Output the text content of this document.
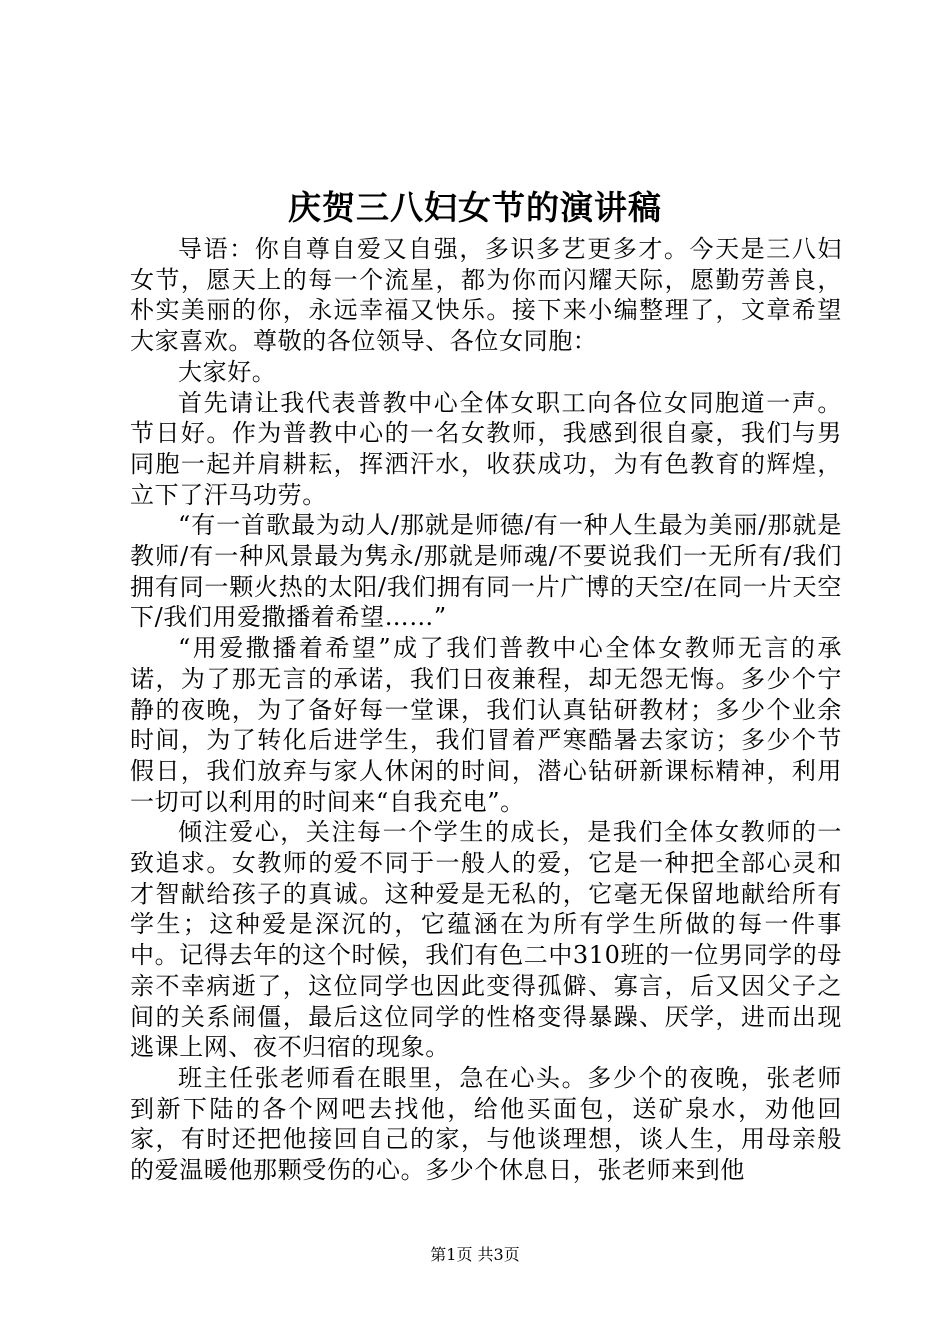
庆贺三八妇女节的演讲稿

导语：你自尊自爱又自强，多识多艺更多才。今天是三八妇女节，愿天上的每一个流星，都为你而闪耀天际，愿勤劳善良，朴实美丽的你，永远幸福又快乐。接下来小编整理了，文章希望大家喜欢。尊敬的各位领导、各位女同胞：

大家好。

首先请让我代表普教中心全体女职工向各位女同胞道一声。节日好。作为普教中心的一名女教师，我感到很自豪，我们与男同胞一起并肩耕耘，挥洒汗水，收获成功，为有色教育的辉煌，立下了汗马功劳。

“有一首歌最为动人/那就是师德/有一种人生最为美丽/那就是教师/有一种风景最为隽永/那就是师魂/不要说我们一无所有/我们拥有同一颗火热的太阳/我们拥有同一片广博的天空/在同一片天空下/我们用爱撒播着希望……”

“用爱撒播着希望”成了我们普教中心全体女教师无言的承诺，为了那无言的承诺，我们日夜兼程，却无怨无悔。多少个宁静的夜晚，为了备好每一堂课，我们认真钻研教材；多少个业余时间，为了转化后进学生，我们冒着严寒酷暑去家访；多少个节假日，我们放弃与家人休闲的时间，潜心钻研新课标精神，利用一切可以利用的时间来“自我充电”。

倾注爱心，关注每一个学生的成长，是我们全体女教师的一致追求。女教师的爱不同于一般人的爱，它是一种把全部心灵和才智献给孩子的真诚。这种爱是无私的，它毫无保留地献给所有学生；这种爱是深沉的，它蕴涵在为所有学生所做的每一件事中。记得去年的这个时候，我们有色二中310班的一位男同学的母亲不幸病逝了，这位同学也因此变得孤僻、寡言，后又因父子之间的关系闹僵，最后这位同学的性格变得暴躁、厌学，进而出现逃课上网、夜不归宿的现象。

班主任张老师看在眼里，急在心头。多少个的夜晚，张老师到新下陆的各个网吧去找他，给他买面包，送矿泉水，劝他回家，有时还把他接回自己的家，与他谈理想，谈人生，用母亲般的爱温暖他那颗受伤的心。多少个休息日，张老师来到他

第1页 共3页
